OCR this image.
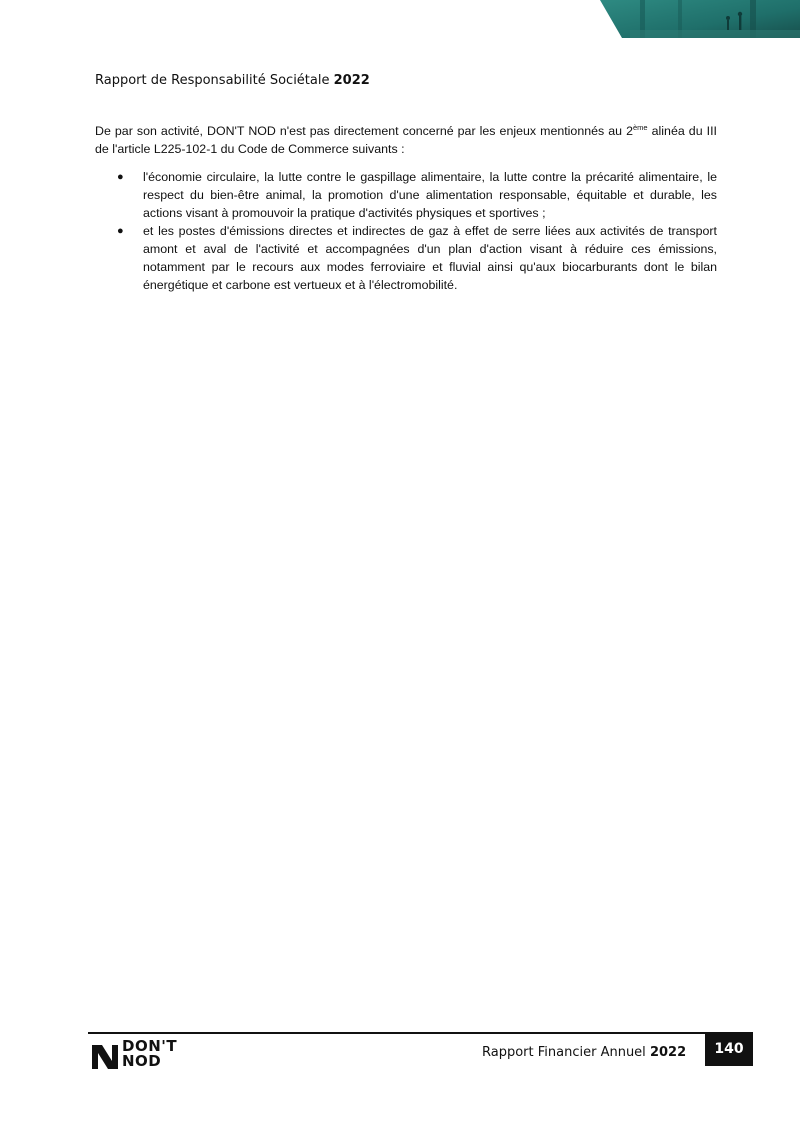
Rapport de Responsabilité Sociétale 2022

De par son activité, DON'T NOD n'est pas directement concerné par les enjeux mentionnés au 2ème alinéa du III de l'article L225-102-1 du Code de Commerce suivants :

● l'économie circulaire, la lutte contre le gaspillage alimentaire, la lutte contre la précarité alimentaire, le respect du bien-être animal, la promotion d'une alimentation responsable, équitable et durable, les actions visant à promouvoir la pratique d'activités physiques et sportives ;
● et les postes d'émissions directes et indirectes de gaz à effet de serre liées aux activités de transport amont et aval de l'activité et accompagnées d'un plan d'action visant à réduire ces émissions, notamment par le recours aux modes ferroviaire et fluvial ainsi qu'aux biocarburants dont le bilan énergétique et carbone est vertueux et à l'électromobilité.
DON'T
NOD	Rapport Financier Annuel 2022	140
